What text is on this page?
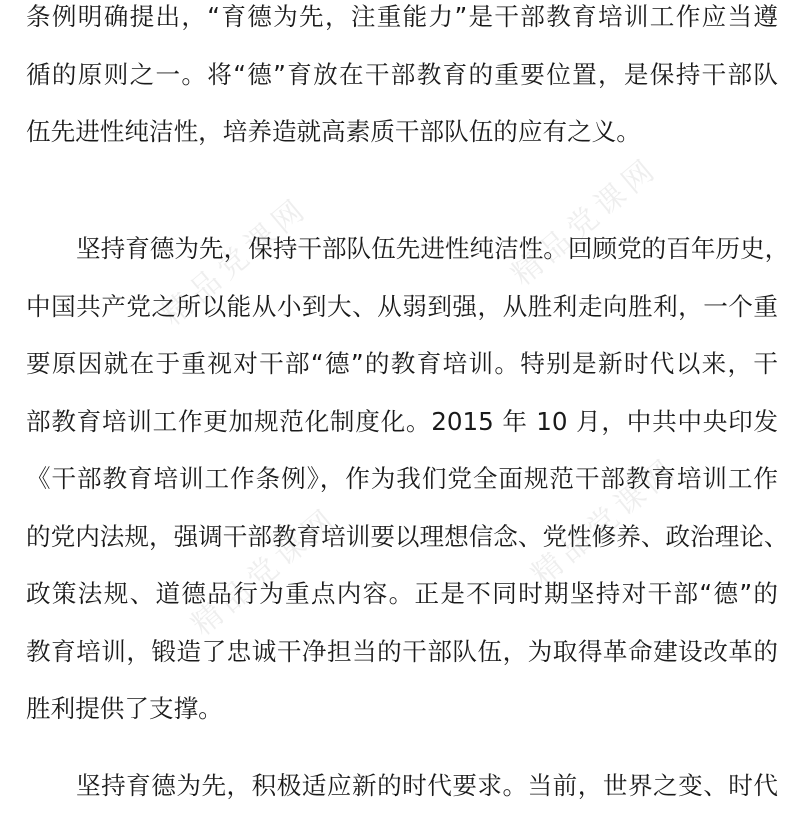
精品党课网	精品党课网
精品党课网	精品党课网
条例明确提出，“育德为先，注重能力”是干部教育培训工作应当遵
循的原则之一。将“德”育放在干部教育的重要位置，是保持干部队
伍先进性纯洁性，培养造就高素质干部队伍的应有之义。
坚持育德为先，保持干部队伍先进性纯洁性。回顾党的百年历史，
中国共产党之所以能从小到大、从弱到强，从胜利走向胜利，一个重
要原因就在于重视对干部“德”的教育培训。特别是新时代以来，干
部教育培训工作更加规范化制度化。2015 年 10 月，中共中央印发
《干部教育培训工作条例》，作为我们党全面规范干部教育培训工作
的党内法规，强调干部教育培训要以理想信念、党性修养、政治理论、
政策法规、道德品行为重点内容。正是不同时期坚持对干部“德”的
教育培训，锻造了忠诚干净担当的干部队伍，为取得革命建设改革的
胜利提供了支撑。
坚持育德为先，积极适应新的时代要求。当前，世界之变、时代
